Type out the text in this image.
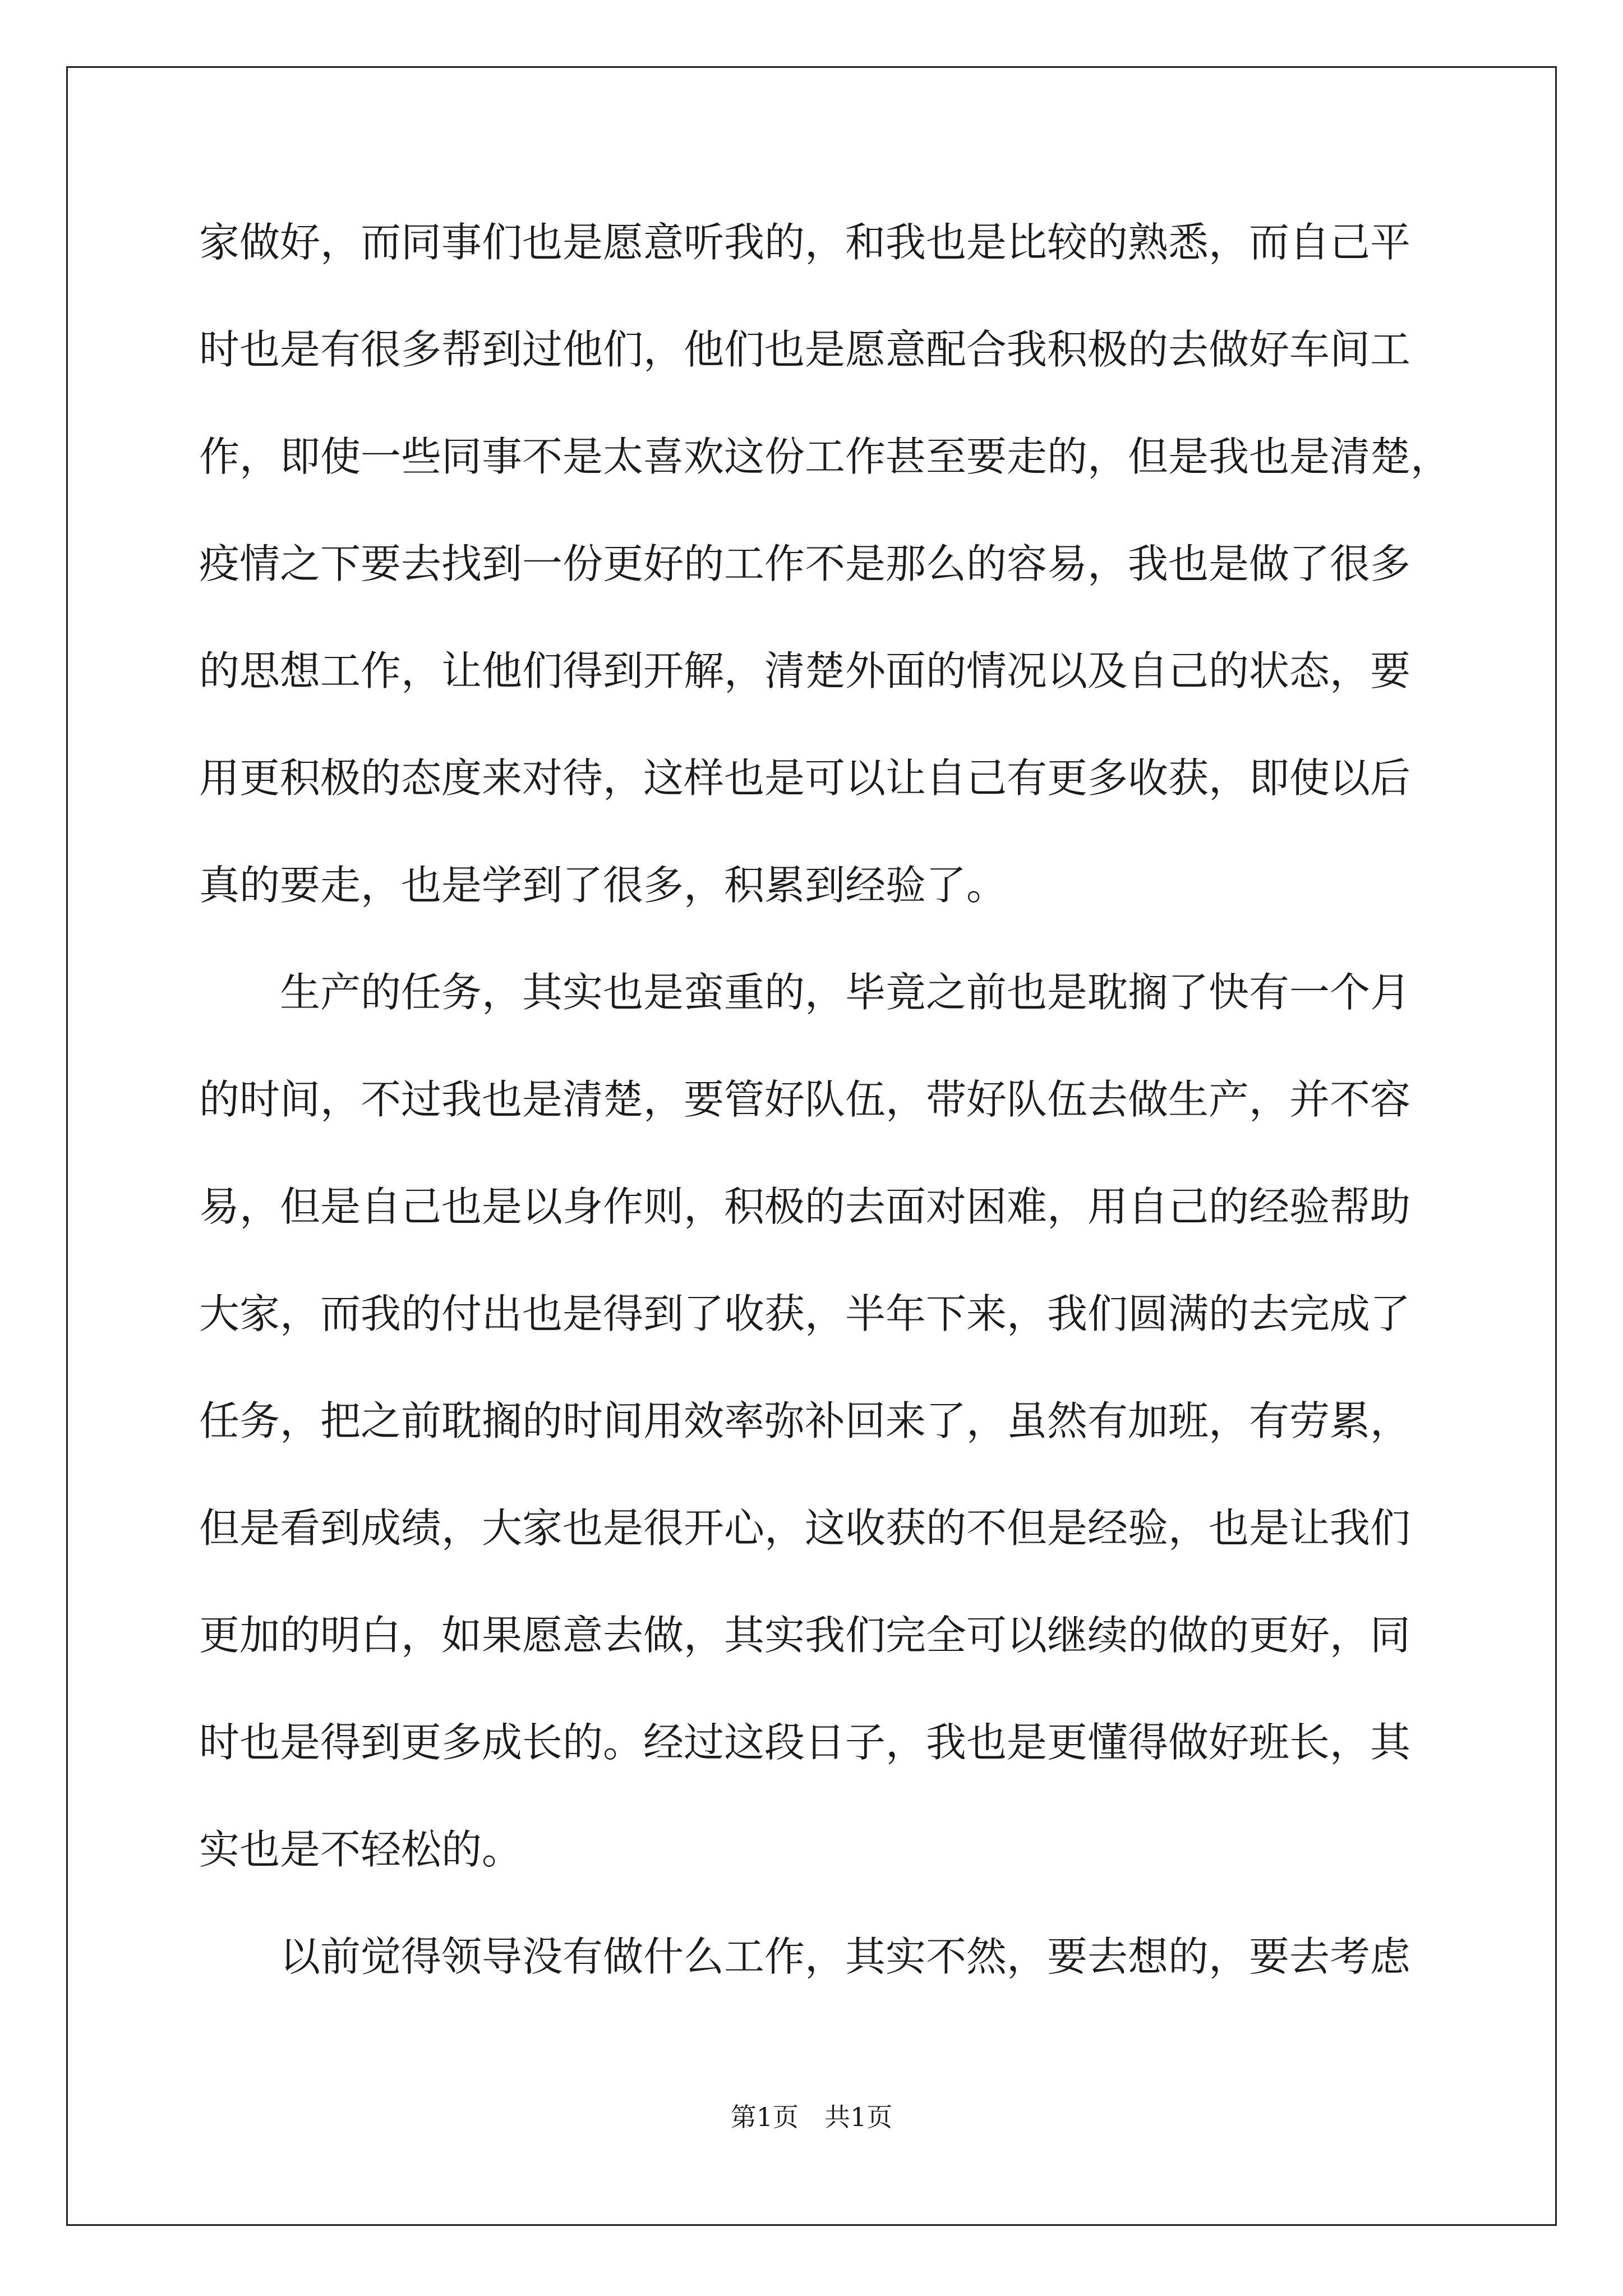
家做好，而同事们也是愿意听我的，和我也是比较的熟悉，而自己平
时也是有很多帮到过他们，他们也是愿意配合我积极的去做好车间工
作，即使一些同事不是太喜欢这份工作甚至要走的，但是我也是清楚，
疫情之下要去找到一份更好的工作不是那么的容易，我也是做了很多
的思想工作，让他们得到开解，清楚外面的情况以及自己的状态，要
用更积极的态度来对待，这样也是可以让自己有更多收获，即使以后
真的要走，也是学到了很多，积累到经验了。
生产的任务，其实也是蛮重的，毕竟之前也是耽搁了快有一个月
的时间，不过我也是清楚，要管好队伍，带好队伍去做生产，并不容
易，但是自己也是以身作则，积极的去面对困难，用自己的经验帮助
大家，而我的付出也是得到了收获，半年下来，我们圆满的去完成了
任务，把之前耽搁的时间用效率弥补回来了，虽然有加班，有劳累，
但是看到成绩，大家也是很开心，这收获的不但是经验，也是让我们
更加的明白，如果愿意去做，其实我们完全可以继续的做的更好，同
时也是得到更多成长的。经过这段日子，我也是更懂得做好班长，其
实也是不轻松的。
以前觉得领导没有做什么工作，其实不然，要去想的，要去考虑
第1页　共1页
